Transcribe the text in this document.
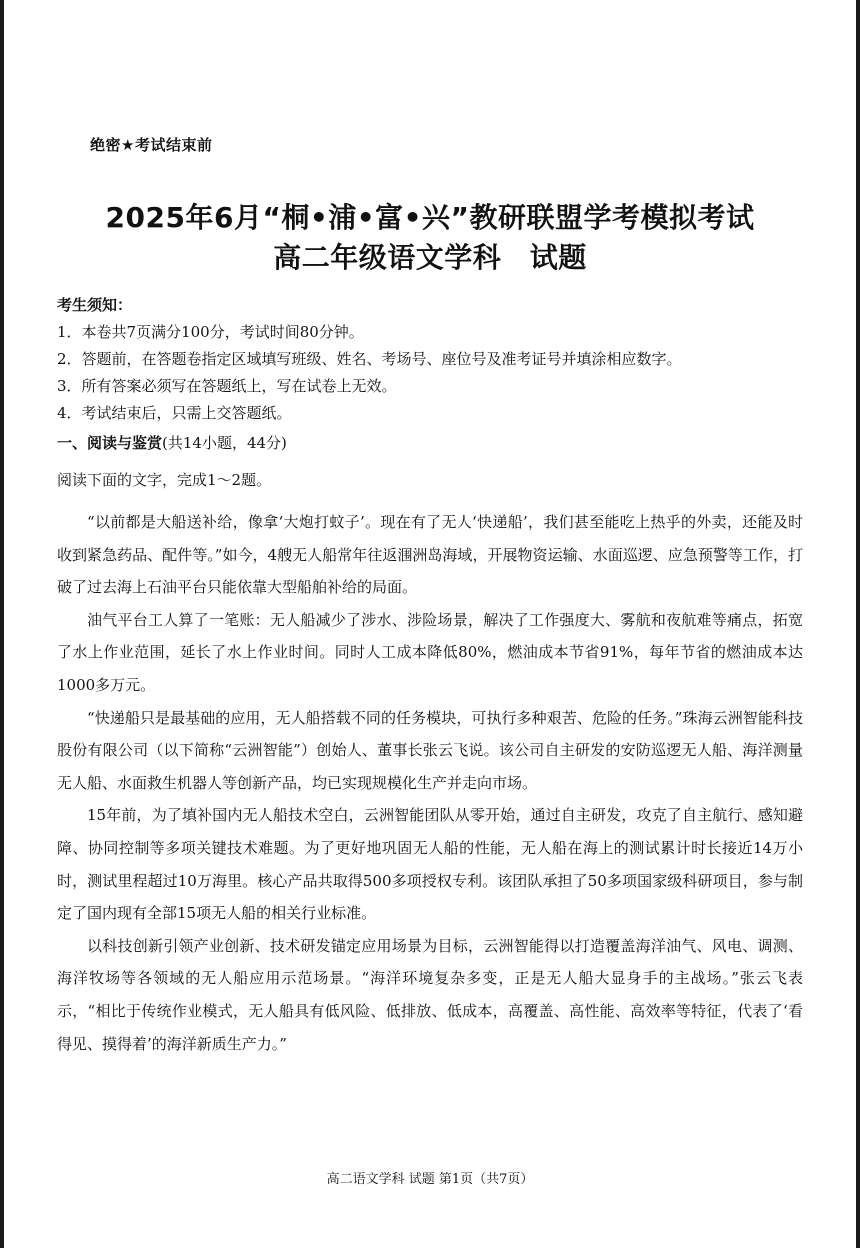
绝密★考试结束前
2025年6月“桐•浦•富•兴”教研联盟学考模拟考试
高二年级语文学科　试题
考生须知：
1．本卷共7页满分100分，考试时间80分钟。
2．答题前，在答题卷指定区域填写班级、姓名、考场号、座位号及准考证号并填涂相应数字。
3．所有答案必须写在答题纸上，写在试卷上无效。
4．考试结束后，只需上交答题纸。
一、阅读与鉴赏(共14小题，44分)
阅读下面的文字，完成1～2题。

“以前都是大船送补给，像拿‘大炮打蚊子’。现在有了无人‘快递船’，我们甚至能吃上热乎的外卖，还能及时收到紧急药品、配件等。”如今，4艘无人船常年往返涠洲岛海域，开展物资运输、水面巡逻、应急预警等工作，打破了过去海上石油平台只能依靠大型船舶补给的局面。

油气平台工人算了一笔账：无人船减少了涉水、涉险场景，解决了工作强度大、雾航和夜航难等痛点，拓宽了水上作业范围，延长了水上作业时间。同时人工成本降低80%，燃油成本节省91%，每年节省的燃油成本达1000多万元。

“快递船只是最基础的应用，无人船搭载不同的任务模块，可执行多种艰苦、危险的任务。”珠海云洲智能科技股份有限公司（以下简称“云洲智能”）创始人、董事长张云飞说。该公司自主研发的安防巡逻无人船、海洋测量无人船、水面救生机器人等创新产品，均已实现规模化生产并走向市场。

15年前，为了填补国内无人船技术空白，云洲智能团队从零开始，通过自主研发，攻克了自主航行、感知避障、协同控制等多项关键技术难题。为了更好地巩固无人船的性能，无人船在海上的测试累计时长接近14万小时，测试里程超过10万海里。核心产品共取得500多项授权专利。该团队承担了50多项国家级科研项目，参与制定了国内现有全部15项无人船的相关行业标准。

以科技创新引领产业创新、技术研发锚定应用场景为目标，云洲智能得以打造覆盖海洋油气、风电、调测、海洋牧场等各领域的无人船应用示范场景。“海洋环境复杂多变，正是无人船大显身手的主战场。”张云飞表示，“相比于传统作业模式，无人船具有低风险、低排放、低成本，高覆盖、高性能、高效率等特征，代表了‘看得见、摸得着’的海洋新质生产力。”

高二语文学科 试题 第1页（共7页）
